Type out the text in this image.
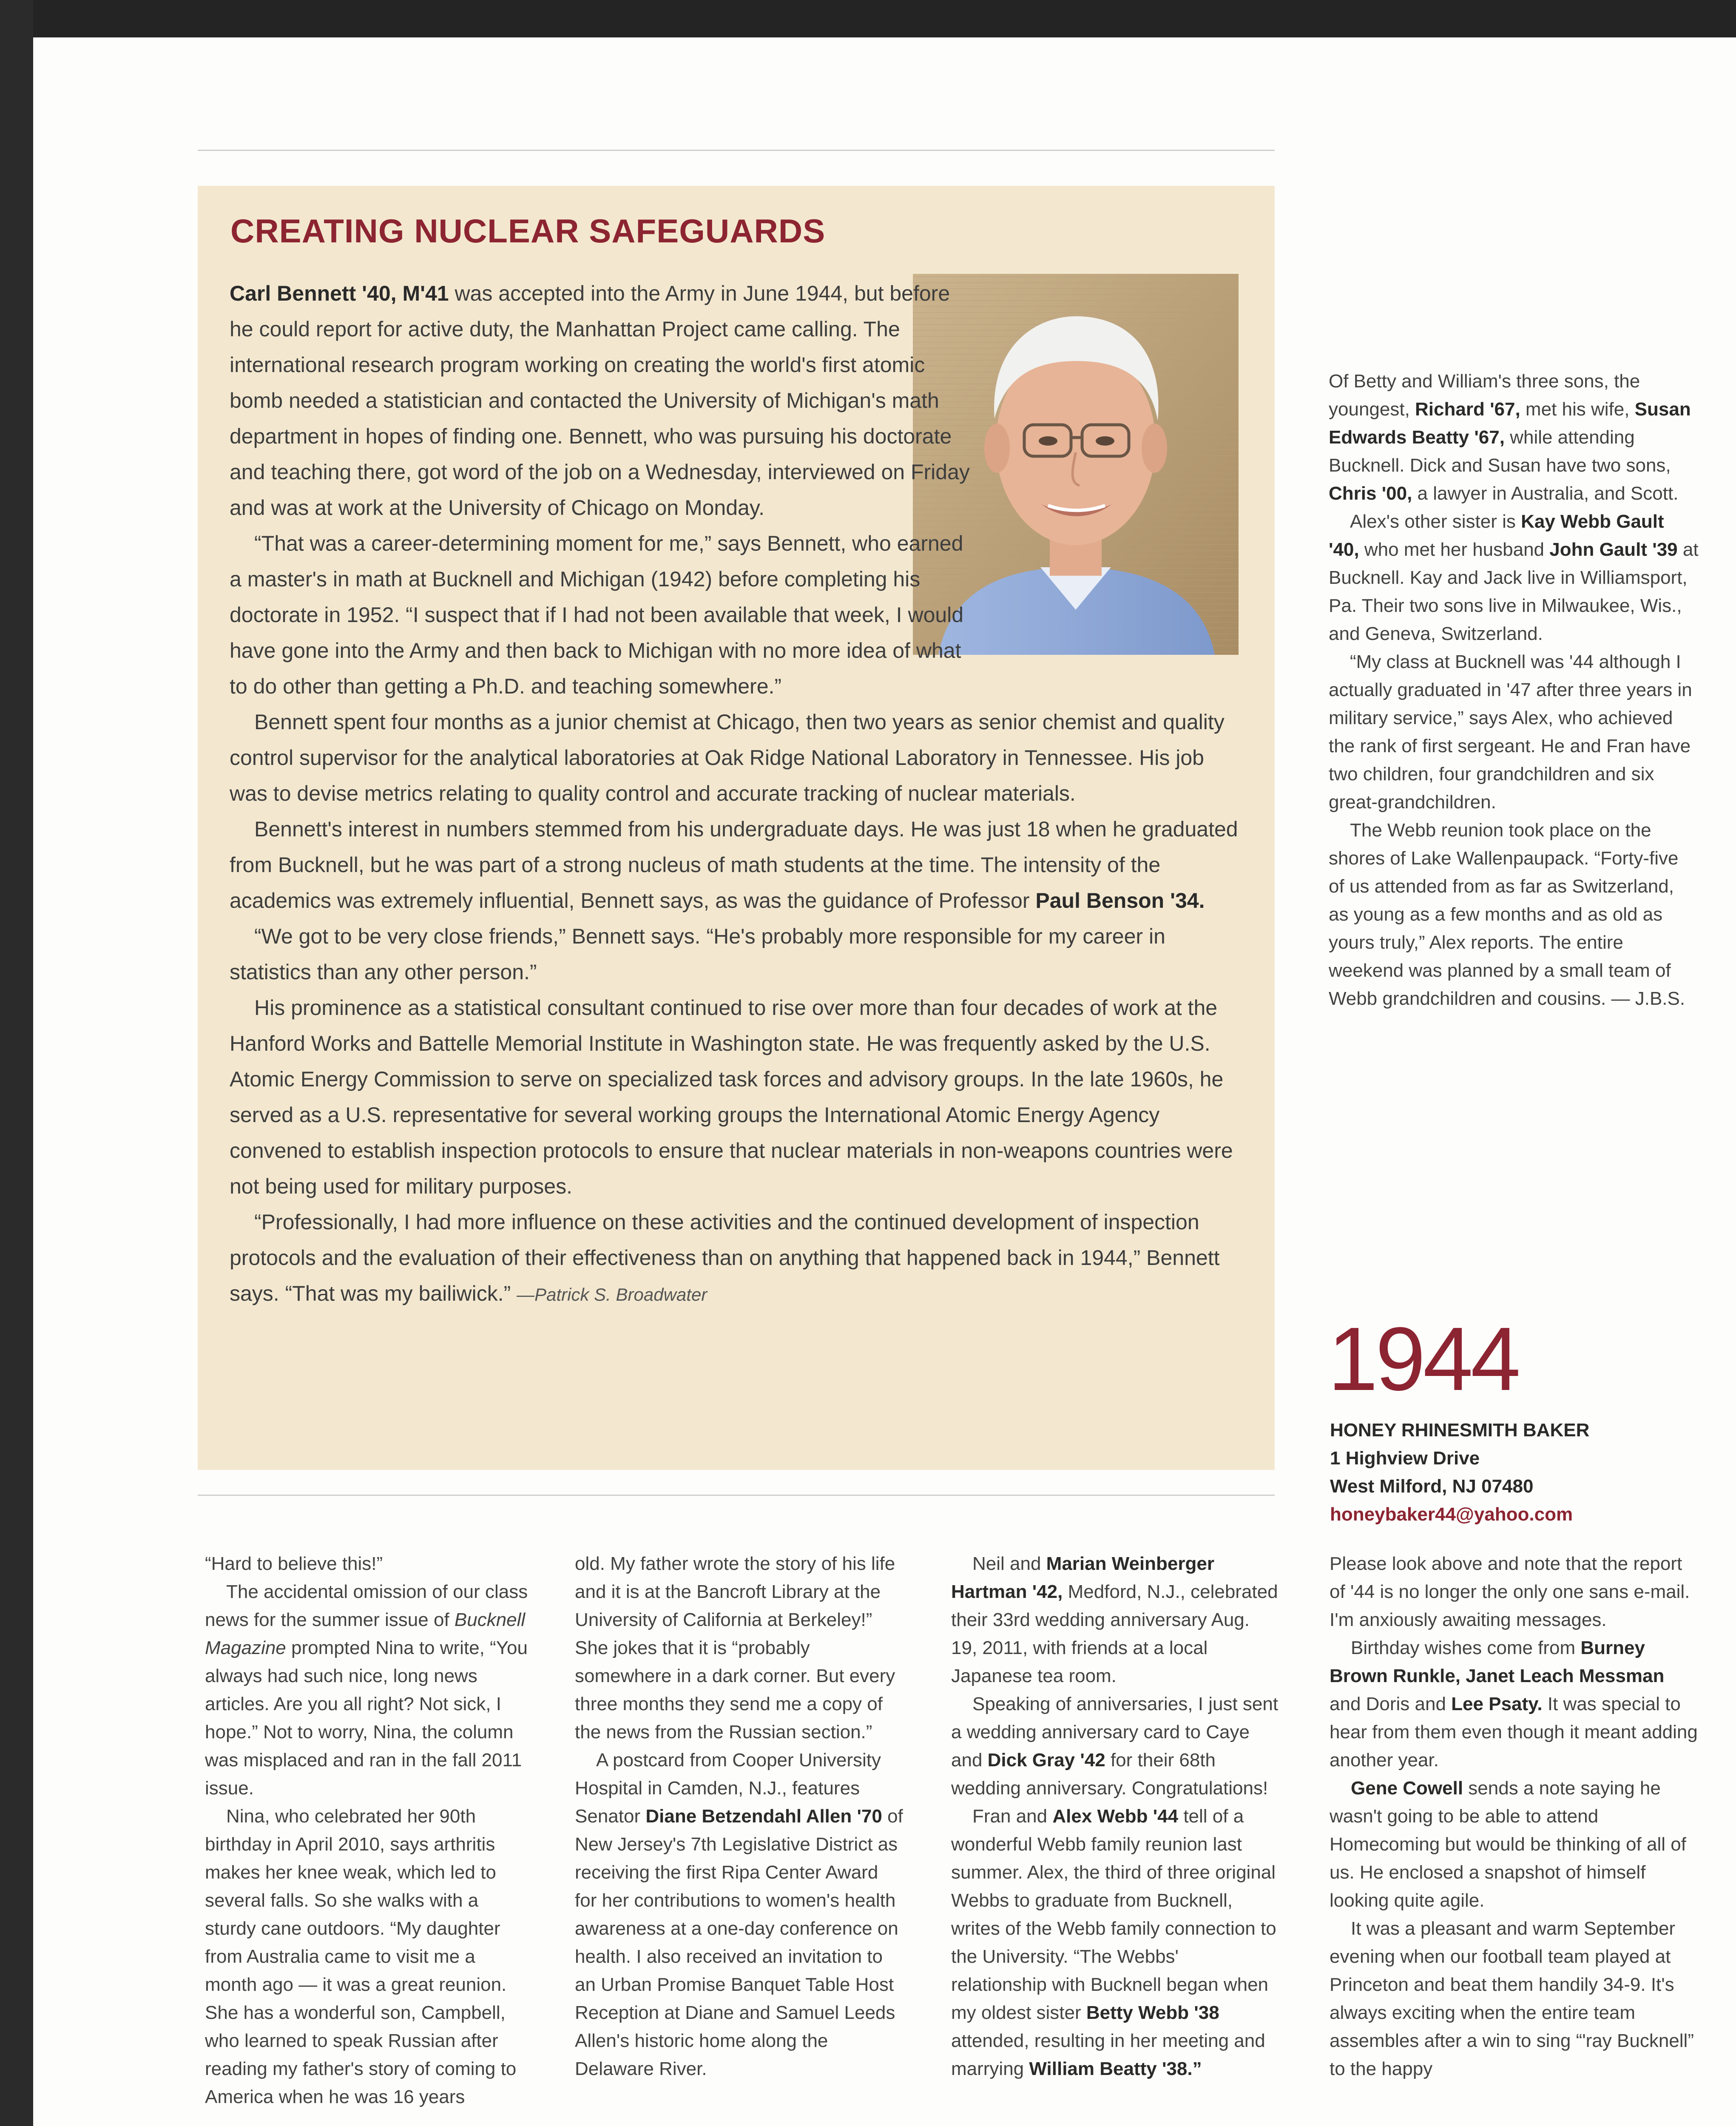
CREATING NUCLEAR SAFEGUARDS

Carl Bennett '40, M'41 was accepted into the Army in June 1944, but before he could report for active duty, the Manhattan Project came calling. The international research program working on creating the world's first atomic bomb needed a statistician and contacted the University of Michigan's math department in hopes of finding one. Bennett, who was pursuing his doctorate and teaching there, got word of the job on a Wednesday, interviewed on Friday and was at work at the University of Chicago on Monday.

“That was a career-determining moment for me,” says Bennett, who earned a master's in math at Bucknell and Michigan (1942) before completing his doctorate in 1952. “I suspect that if I had not been available that week, I would have gone into the Army and then back to Michigan with no more idea of what to do other than getting a Ph.D. and teaching somewhere.”

Bennett spent four months as a junior chemist at Chicago, then two years as senior chemist and quality control supervisor for the analytical laboratories at Oak Ridge National Laboratory in Tennessee. His job was to devise metrics relating to quality control and accurate tracking of nuclear materials.

Bennett's interest in numbers stemmed from his undergraduate days. He was just 18 when he graduated from Bucknell, but he was part of a strong nucleus of math students at the time. The intensity of the academics was extremely influential, Bennett says, as was the guidance of Professor Paul Benson '34.

“We got to be very close friends,” Bennett says. “He's probably more responsible for my career in statistics than any other person.”

His prominence as a statistical consultant continued to rise over more than four decades of work at the Hanford Works and Battelle Memorial Institute in Washington state. He was frequently asked by the U.S. Atomic Energy Commission to serve on specialized task forces and advisory groups. In the late 1960s, he served as a U.S. representative for several working groups the International Atomic Energy Agency convened to establish inspection protocols to ensure that nuclear materials in non-weapons countries were not being used for military purposes.

“Professionally, I had more influence on these activities and the continued development of inspection protocols and the evaluation of their effectiveness than on anything that happened back in 1944,” Bennett says. “That was my bailiwick.” —Patrick S. Broadwater

Of Betty and William's three sons, the youngest, Richard '67, met his wife, Susan Edwards Beatty '67, while attending Bucknell. Dick and Susan have two sons, Chris '00, a lawyer in Australia, and Scott.

Alex's other sister is Kay Webb Gault '40, who met her husband John Gault '39 at Bucknell. Kay and Jack live in Williamsport, Pa. Their two sons live in Milwaukee, Wis., and Geneva, Switzerland.

“My class at Bucknell was '44 although I actually graduated in '47 after three years in military service,” says Alex, who achieved the rank of first sergeant. He and Fran have two children, four grandchildren and six great-grandchildren.

The Webb reunion took place on the shores of Lake Wallenpaupack. “Forty-five of us attended from as far as Switzerland, as young as a few months and as old as yours truly,” Alex reports. The entire weekend was planned by a small team of Webb grandchildren and cousins. — J.B.S.

1944
HONEY RHINESMITH BAKER
1 Highview Drive
West Milford, NJ 07480
honeybaker44@yahoo.com

“Hard to believe this!”

The accidental omission of our class news for the summer issue of Bucknell Magazine prompted Nina to write, “You always had such nice, long news articles. Are you all right? Not sick, I hope.” Not to worry, Nina, the column was misplaced and ran in the fall 2011 issue.

Nina, who celebrated her 90th birthday in April 2010, says arthritis makes her knee weak, which led to several falls. So she walks with a sturdy cane outdoors. “My daughter from Australia came to visit me a month ago — it was a great reunion. She has a wonderful son, Campbell, who learned to speak Russian after reading my father's story of coming to America when he was 16 years

old. My father wrote the story of his life and it is at the Bancroft Library at the University of California at Berkeley!” She jokes that it is “probably somewhere in a dark corner. But every three months they send me a copy of the news from the Russian section.”

A postcard from Cooper University Hospital in Camden, N.J., features Senator Diane Betzendahl Allen '70 of New Jersey's 7th Legislative District as receiving the first Ripa Center Award for her contributions to women's health awareness at a one-day conference on health. I also received an invitation to an Urban Promise Banquet Table Host Reception at Diane and Samuel Leeds Allen's historic home along the Delaware River.

Neil and Marian Weinberger Hartman '42, Medford, N.J., celebrated their 33rd wedding anniversary Aug. 19, 2011, with friends at a local Japanese tea room.

Speaking of anniversaries, I just sent a wedding anniversary card to Caye and Dick Gray '42 for their 68th wedding anniversary. Congratulations!

Fran and Alex Webb '44 tell of a wonderful Webb family reunion last summer. Alex, the third of three original Webbs to graduate from Bucknell, writes of the Webb family connection to the University. “The Webbs' relationship with Bucknell began when my oldest sister Betty Webb '38 attended, resulting in her meeting and marrying William Beatty '38.”

Please look above and note that the report of '44 is no longer the only one sans e-mail. I'm anxiously awaiting messages.

Birthday wishes come from Burney Brown Runkle, Janet Leach Messman and Doris and Lee Psaty. It was special to hear from them even though it meant adding another year.

Gene Cowell sends a note saying he wasn't going to be able to attend Homecoming but would be thinking of all of us. He enclosed a snapshot of himself looking quite agile.

It was a pleasant and warm September evening when our football team played at Princeton and beat them handily 34-9. It's always exciting when the entire team assembles after a win to sing “'ray Bucknell” to the happy
